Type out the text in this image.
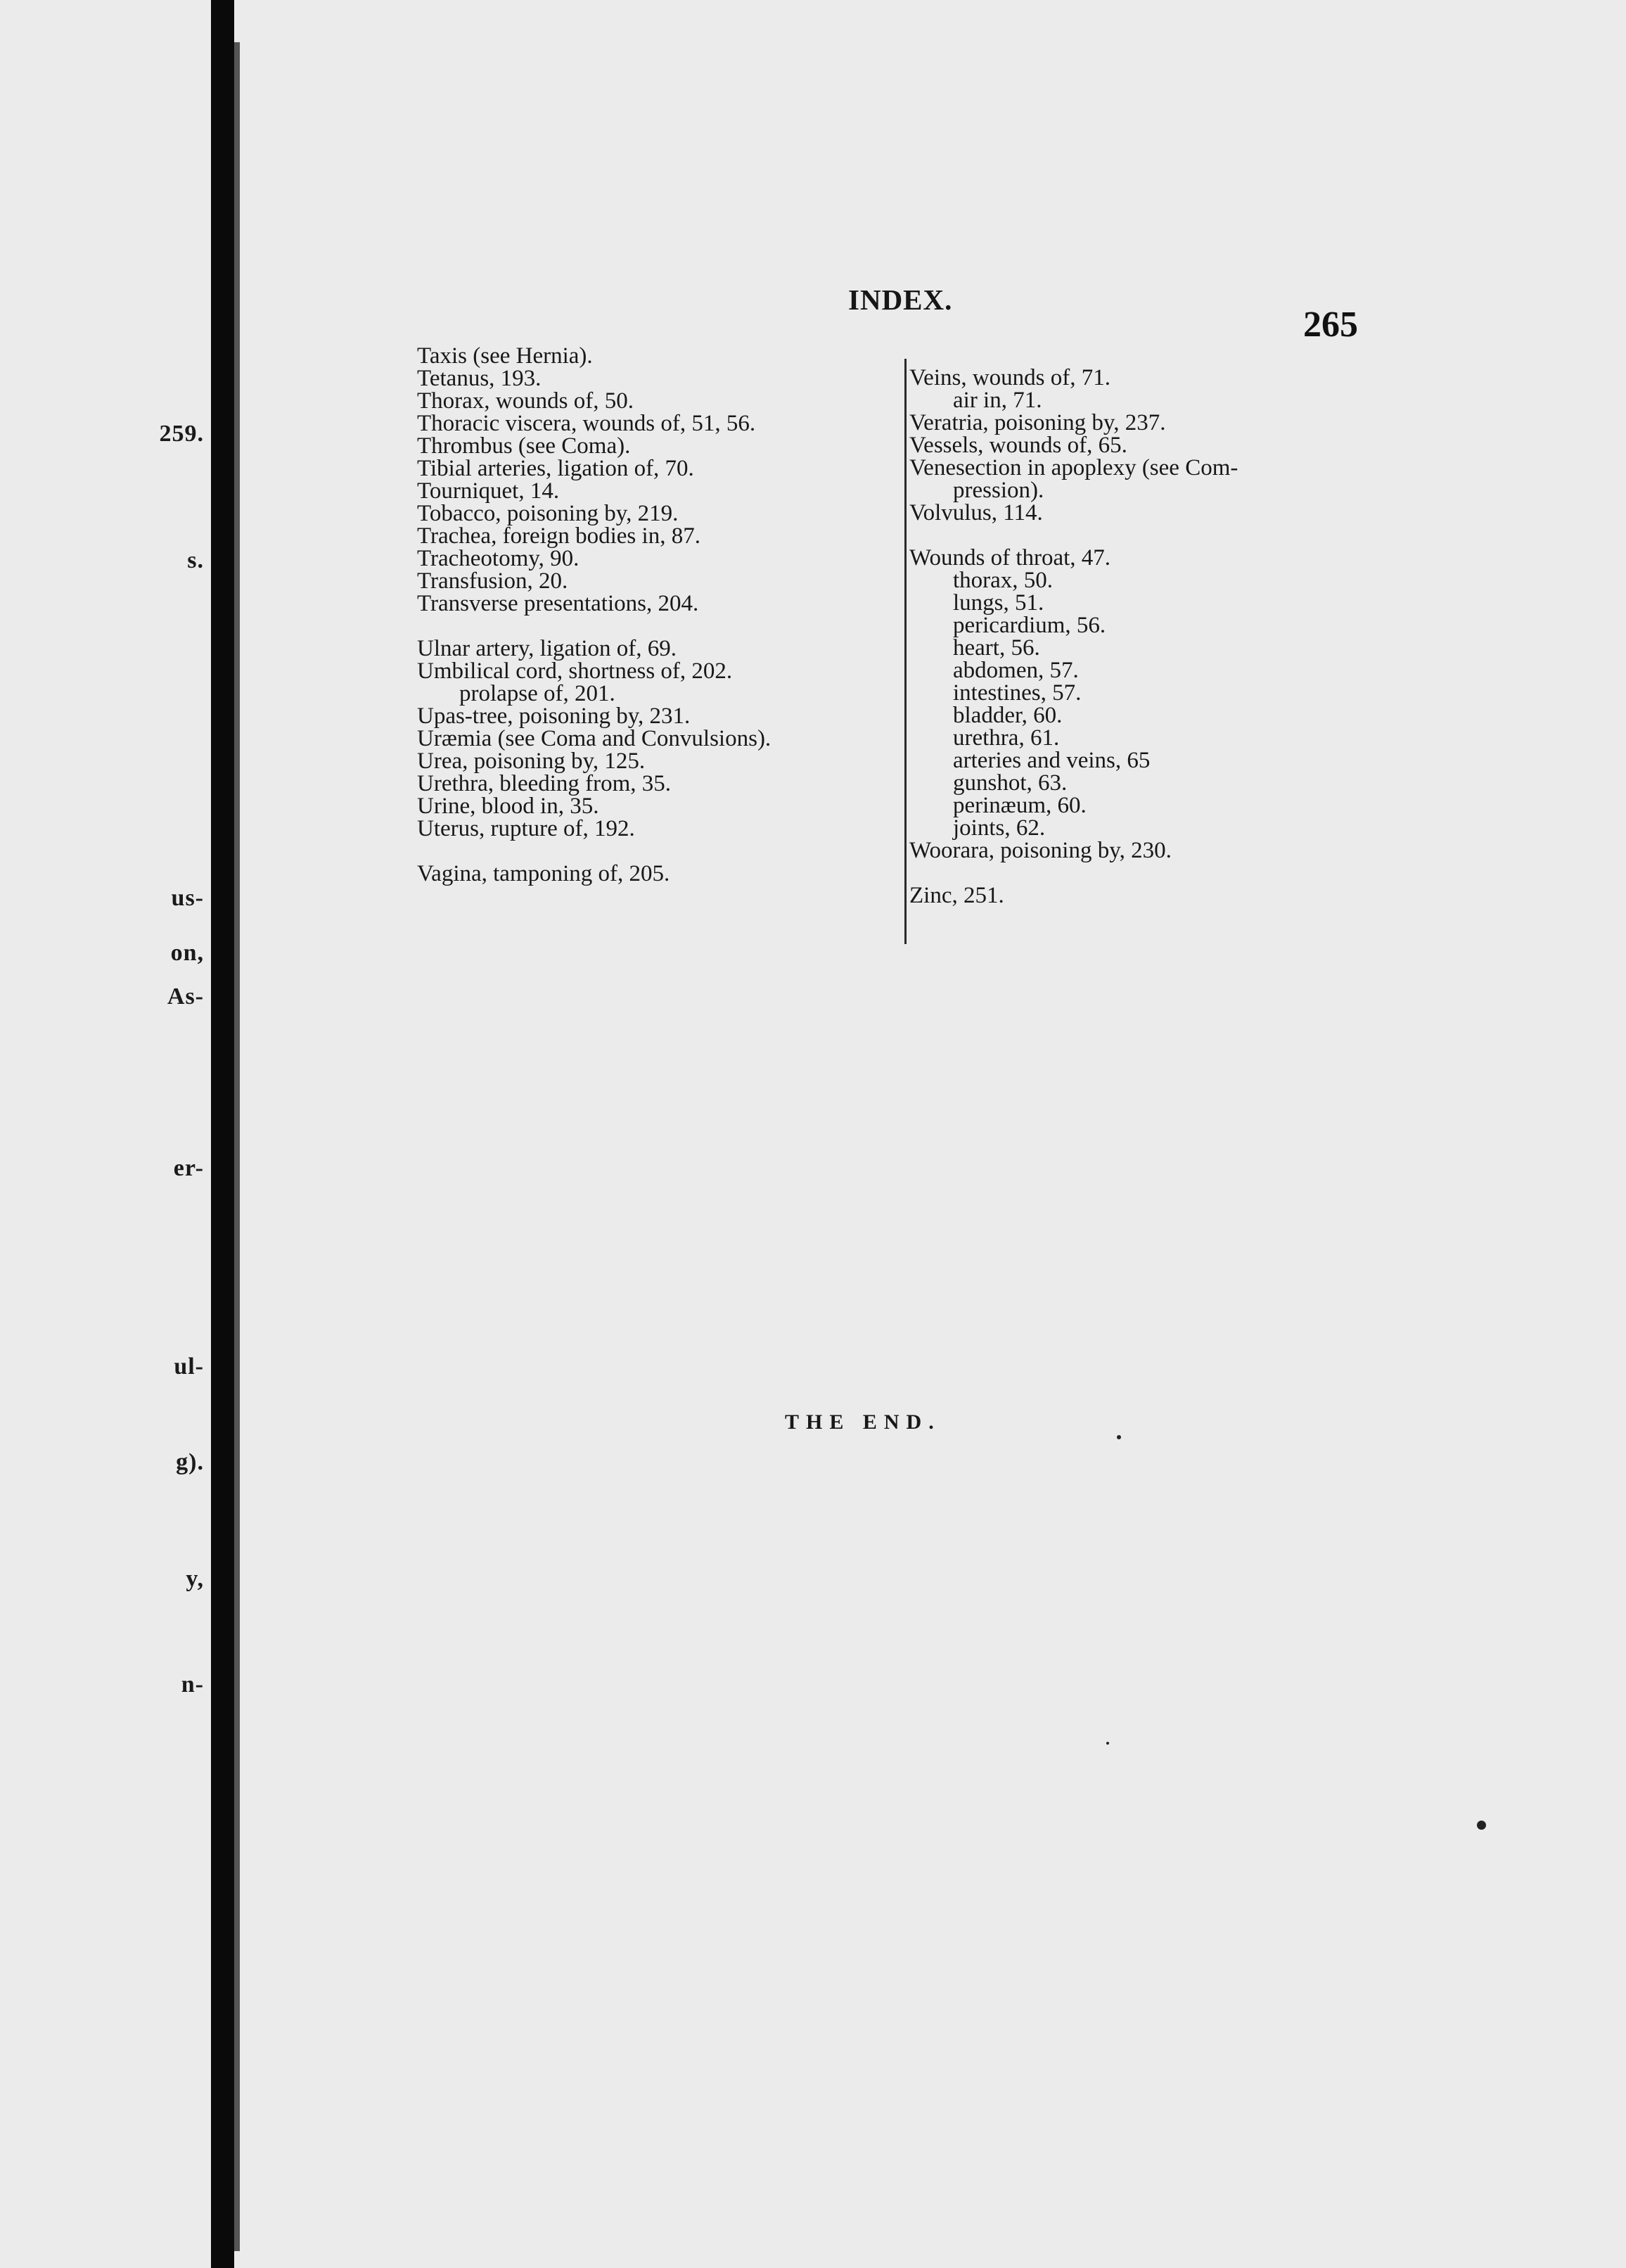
259.
s.
us-
on,
As-
er-
ul-
g).
y,
n-
INDEX.
265
Taxis (see Hernia).
Tetanus, 193.
Thorax, wounds of, 50.
Thoracic viscera, wounds of, 51, 56.
Thrombus (see Coma).
Tibial arteries, ligation of, 70.
Tourniquet, 14.
Tobacco, poisoning by, 219.
Trachea, foreign bodies in, 87.
Tracheotomy, 90.
Transfusion, 20.
Transverse presentations, 204.
Ulnar artery, ligation of, 69.
Umbilical cord, shortness of, 202.
prolapse of, 201.
Upas-tree, poisoning by, 231.
Uræmia (see Coma and Convulsions).
Urea, poisoning by, 125.
Urethra, bleeding from, 35.
Urine, blood in, 35.
Uterus, rupture of, 192.
Vagina, tamponing of, 205.
Veins, wounds of, 71.
air in, 71.
Veratria, poisoning by, 237.
Vessels, wounds of, 65.
Venesection in apoplexy (see Com-
pression).
Volvulus, 114.
Wounds of throat, 47.
thorax, 50.
lungs, 51.
pericardium, 56.
heart, 56.
abdomen, 57.
intestines, 57.
bladder, 60.
urethra, 61.
arteries and veins, 65
gunshot, 63.
perinæum, 60.
joints, 62.
Woorara, poisoning by, 230.
Zinc, 251.
THE END.
